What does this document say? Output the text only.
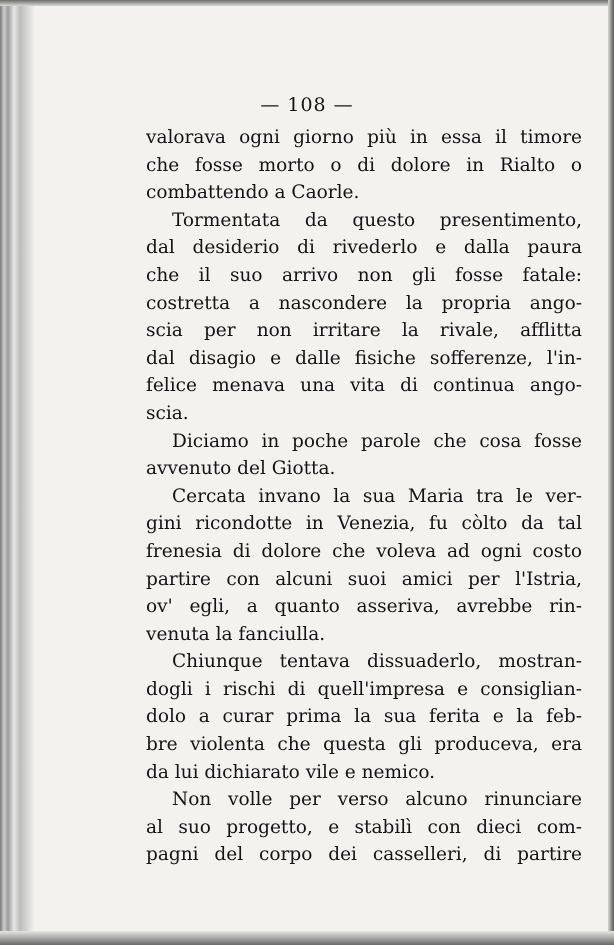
— 108 —
valorava ogni giorno più in essa il timore
che fosse morto o di dolore in Rialto o
combattendo a Caorle.
Tormentata da questo presentimento,
dal desiderio di rivederlo e dalla paura
che il suo arrivo non gli fosse fatale:
costretta a nascondere la propria ango-
scia per non irritare la rivale, afflitta
dal disagio e dalle fisiche sofferenze, l'in-
felice menava una vita di continua ango-
scia.
Diciamo in poche parole che cosa fosse
avvenuto del Giotta.
Cercata invano la sua Maria tra le ver-
gini ricondotte in Venezia, fu còlto da tal
frenesia di dolore che voleva ad ogni costo
partire con alcuni suoi amici per l'Istria,
ov' egli, a quanto asseriva, avrebbe rin-
venuta la fanciulla.
Chiunque tentava dissuaderlo, mostran-
dogli i rischi di quell'impresa e consiglian-
dolo a curar prima la sua ferita e la feb-
bre violenta che questa gli produceva, era
da lui dichiarato vile e nemico.
Non volle per verso alcuno rinunciare
al suo progetto, e stabilì con dieci com-
pagni del corpo dei casselleri, di partire
